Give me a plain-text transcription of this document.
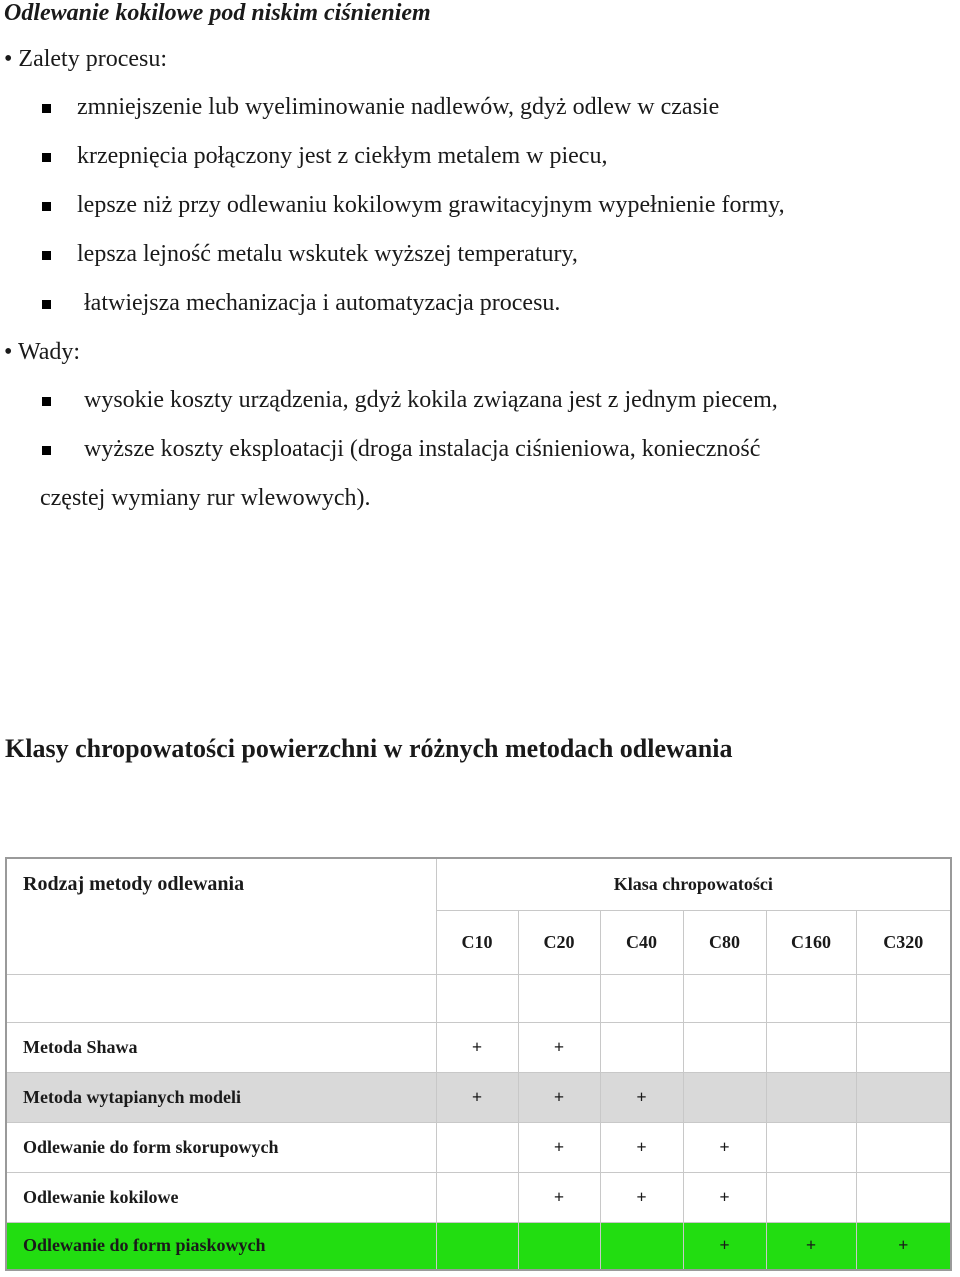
Odlewanie kokilowe pod niskim ciśnieniem
• Zalety procesu:
zmniejszenie lub wyeliminowanie nadlewów, gdyż odlew w czasie
krzepnięcia połączony jest z ciekłym metalem w piecu,
lepsze niż przy odlewaniu kokilowym grawitacyjnym wypełnienie formy,
lepsza lejność metalu wskutek wyższej temperatury,
łatwiejsza mechanizacja i automatyzacja procesu.
• Wady:
wysokie koszty urządzenia, gdyż kokila związana jest z jednym piecem,
wyższe koszty eksploatacji (droga instalacja ciśnieniowa, konieczność
częstej wymiany rur wlewowych).
Klasy chropowatości powierzchni w różnych metodach odlewania
Rodzaj metody odlewania	Klasa chropowatości					
	C10	C20	C40	C80	C160	C320

Metoda Shawa	+	+				
Metoda wytapianych modeli	+	+	+			
Odlewanie do form skorupowych		+	+	+		
Odlewanie kokilowe		+	+	+		
Odlewanie do form piaskowych				+	+	+
